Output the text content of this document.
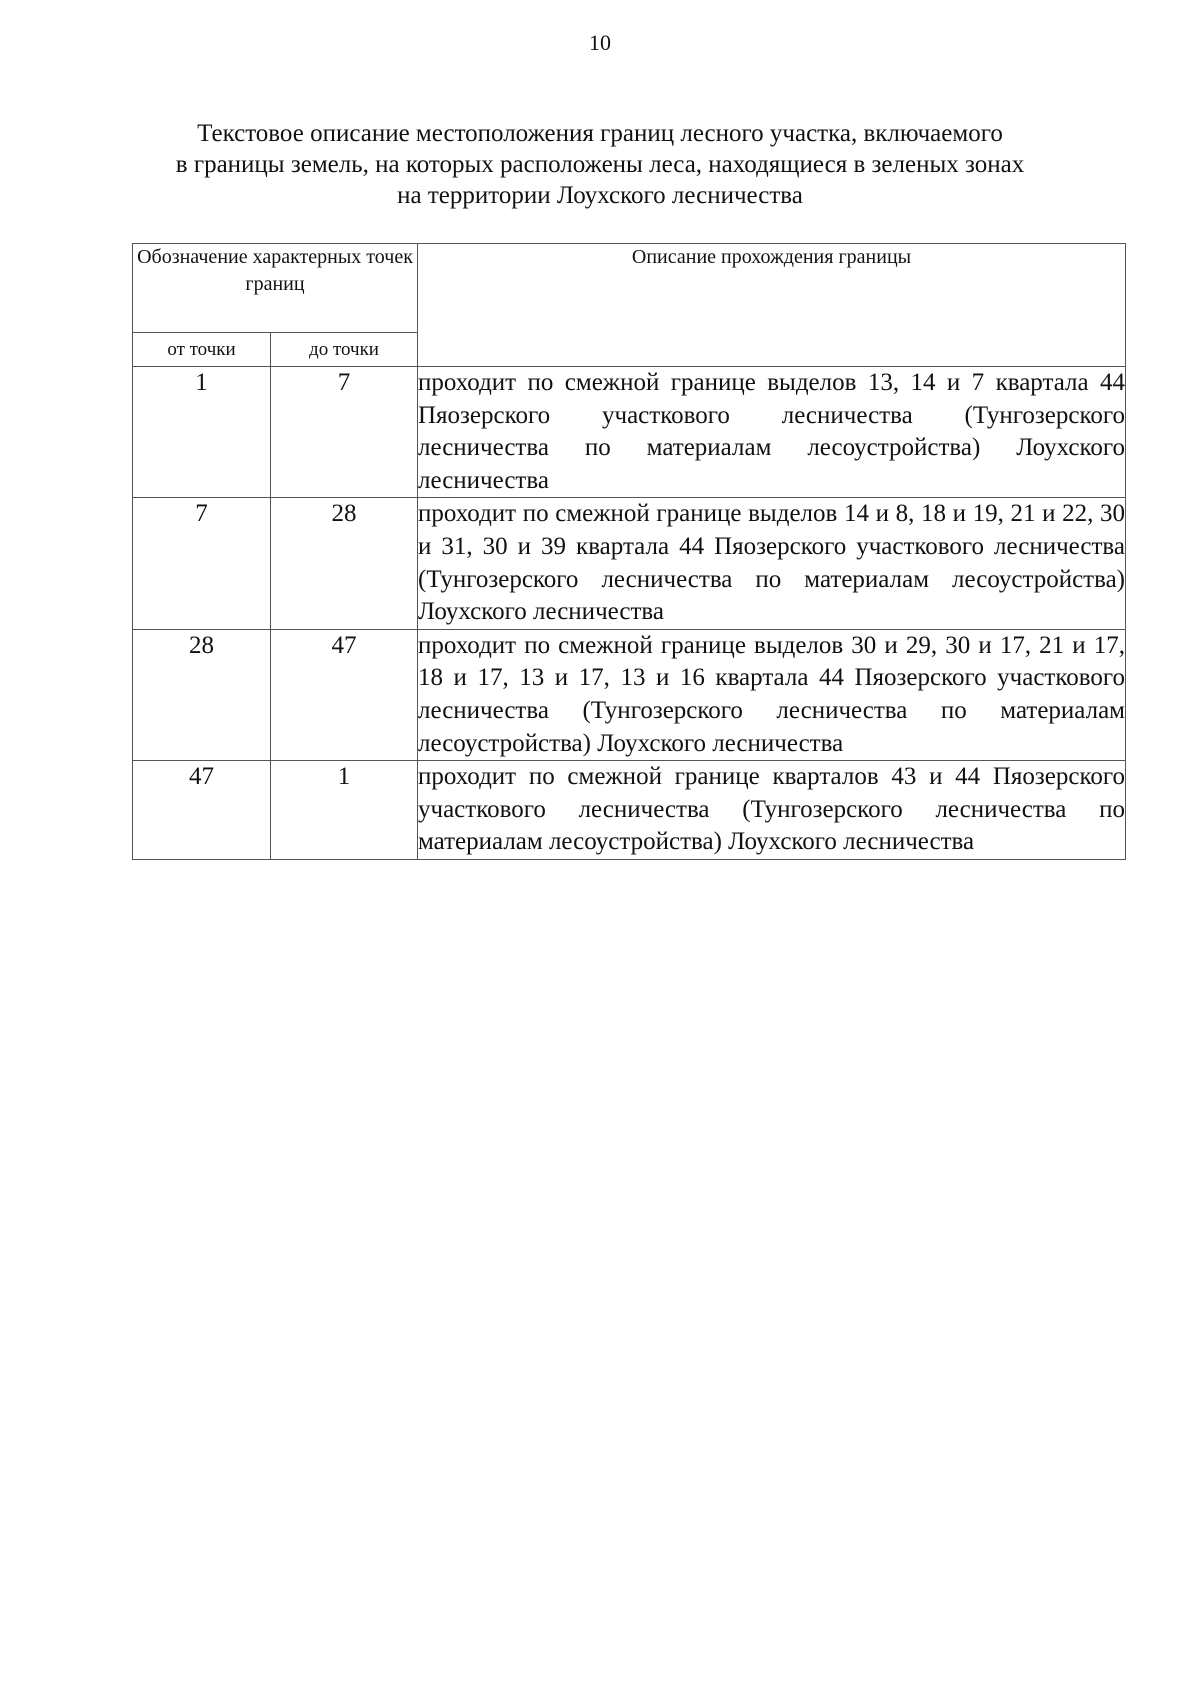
10
Текстовое описание местоположения границ лесного участка, включаемого
в границы земель, на которых расположены леса, находящиеся в зеленых зонах
на территории Лоухского лесничества
Обозначение характерных точек границ		Описание прохождения границы
от точки	до точки	
1	7	проходит по смежной границе выделов 13, 14 и 7 квартала 44 Пяозерского участкового лесничества (Тунгозерского лесничества по материалам лесоустройства) Лоухского лесничества
7	28	проходит по смежной границе выделов 14 и 8, 18 и 19, 21 и 22, 30 и 31, 30 и 39 квартала 44 Пяозерского участкового лесничества (Тунгозерского лесничества по материалам лесоустройства) Лоухского лесничества
28	47	проходит по смежной границе выделов 30 и 29, 30 и 17, 21 и 17, 18 и 17, 13 и 17, 13 и 16 квартала 44 Пяозерского участкового лесничества (Тунгозерского лесничества по материалам лесоустройства) Лоухского лесничества
47	1	проходит по смежной границе кварталов 43 и 44 Пяозерского участкового лесничества (Тунгозерского лесничества по материалам лесоустройства) Лоухского лесничества
